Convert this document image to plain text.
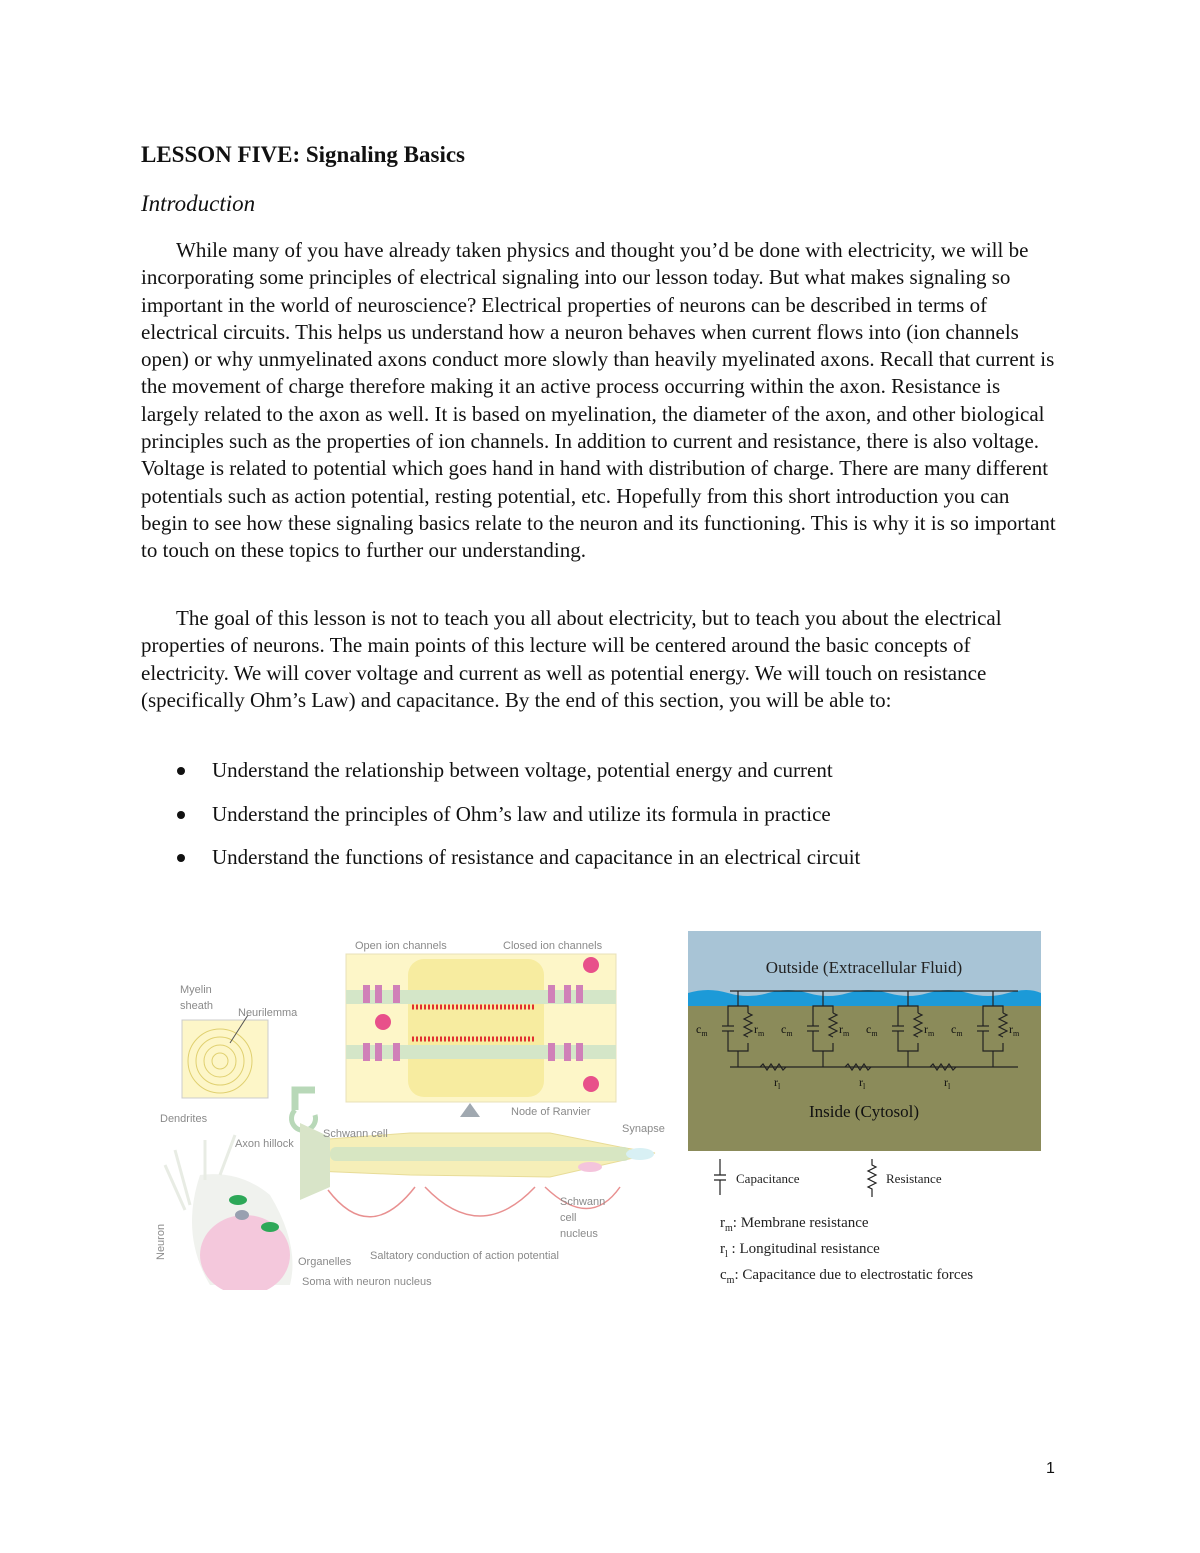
LESSON FIVE: Signaling Basics
Introduction

While many of you have already taken physics and thought you’d be done with electricity, we will be incorporating some principles of electrical signaling into our lesson today. But what makes signaling so important in the world of neuroscience? Electrical properties of neurons can be described in terms of electrical circuits. This helps us understand how a neuron behaves when current flows into (ion channels open) or why unmyelinated axons conduct more slowly than heavily myelinated axons. Recall that current is the movement of charge therefore making it an active process occurring within the axon. Resistance is largely related to the axon as well. It is based on myelination, the diameter of the axon, and other biological principles such as the properties of ion channels. In addition to current and resistance, there is also voltage. Voltage is related to potential which goes hand in hand with distribution of charge. There are many different potentials such as action potential, resting potential, etc. Hopefully from this short introduction you can begin to see how these signaling basics relate to the neuron and its functioning. This is why it is so important to touch on these topics to further our understanding.

The goal of this lesson is not to teach you all about electricity, but to teach you about the electrical properties of neurons. The main points of this lecture will be centered around the basic concepts of electricity. We will cover voltage and current as well as potential energy. We will touch on resistance (specifically Ohm’s Law) and capacitance. By the end of this section, you will be able to:

Understand the relationship between voltage, potential energy and current
Understand the principles of Ohm’s law and utilize its formula in practice
Understand the functions of resistance and capacitance in an electrical circuit
Open ion channels	Closed ion channels
Myelin
sheath
Neurilemma
Dendrites
Axon hillock
Schwann cell
Node of Ranvier
Synapse
Schwann
cell
nucleus
Saltatory conduction of action potential
Organelles
Soma with neuron nucleus
Neuron
Outside (Extracellular Fluid)
Inside (Cytosol)
$c_m$	$c_m$	$c_m$	$c_m$
$r_m$	$r_m$	$r_m$	$r_m$
$r_l$	$r_l$	$r_l$
Capacitance	Resistance
$r_m$: Membrane resistance
$r_l$ : Longitudinal resistance
$c_m$: Capacitance due to electrostatic forces
1
